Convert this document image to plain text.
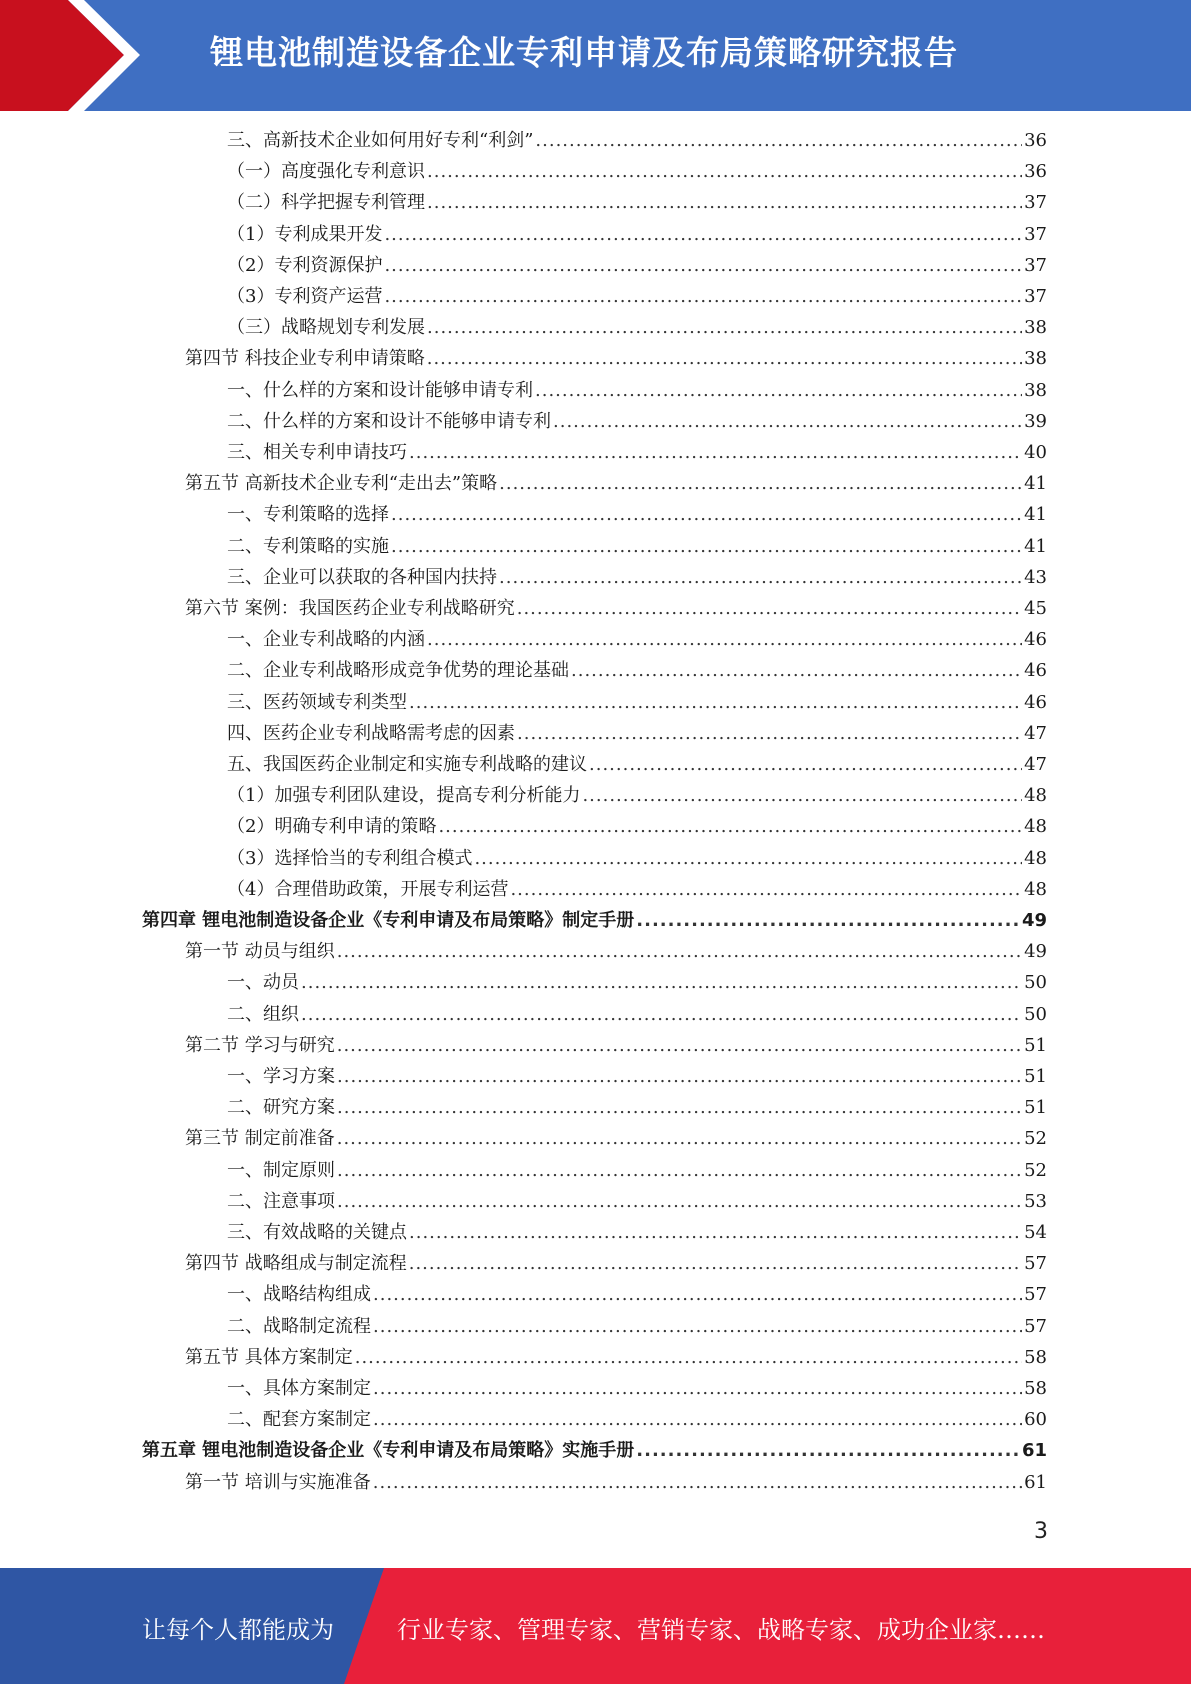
锂电池制造设备企业专利申请及布局策略研究报告
三、高新技术企业如何用好专利“利剑” .....	36
（一）高度强化专利意识 .....	36
（二）科学把握专利管理 .....	37
（1）专利成果开发 .....	37
（2）专利资源保护 .....	37
（3）专利资产运营 .....	37
（三）战略规划专利发展 .....	38
第四节 科技企业专利申请策略 .....	38
一、什么样的方案和设计能够申请专利 .....	38
二、什么样的方案和设计不能够申请专利 .....	39
三、相关专利申请技巧 .....	40
第五节 高新技术企业专利“走出去”策略 .....	41
一、专利策略的选择 .....	41
二、专利策略的实施 .....	41
三、企业可以获取的各种国内扶持 .....	43
第六节 案例：我国医药企业专利战略研究 .....	45
一、企业专利战略的内涵 .....	46
二、企业专利战略形成竞争优势的理论基础 .....	46
三、医药领域专利类型 .....	46
四、医药企业专利战略需考虑的因素 .....	47
五、我国医药企业制定和实施专利战略的建议 .....	47
（1）加强专利团队建设，提高专利分析能力 .....	48
（2）明确专利申请的策略 .....	48
（3）选择恰当的专利组合模式 .....	48
（4）合理借助政策，开展专利运营 .....	48
第四章 锂电池制造设备企业《专利申请及布局策略》制定手册 .....	49
第一节 动员与组织 .....	49
一、动员 .....	50
二、组织 .....	50
第二节 学习与研究 .....	51
一、学习方案 .....	51
二、研究方案 .....	51
第三节 制定前准备 .....	52
一、制定原则 .....	52
二、注意事项 .....	53
三、有效战略的关键点 .....	54
第四节 战略组成与制定流程 .....	57
一、战略结构组成 .....	57
二、战略制定流程 .....	57
第五节 具体方案制定 .....	58
一、具体方案制定 .....	58
二、配套方案制定 .....	60
第五章 锂电池制造设备企业《专利申请及布局策略》实施手册 .....	61
第一节 培训与实施准备 .....	61
3
让每个人都能成为	行业专家、管理专家、营销专家、战略专家、成功企业家……
